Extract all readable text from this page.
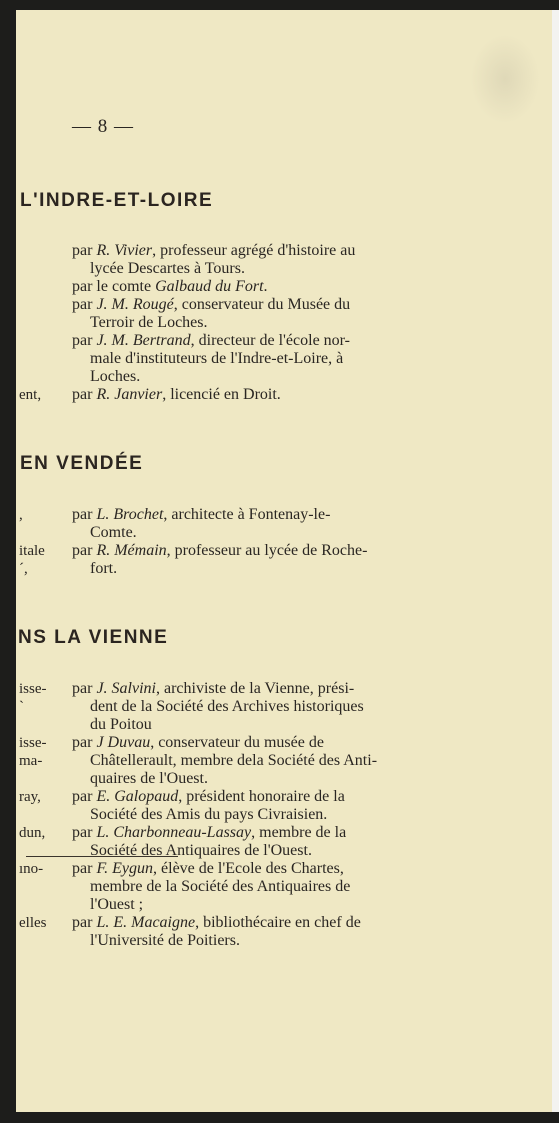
— 8 —
L'INDRE-ET-LOIRE
par R. Vivier, professeur agrégé d'histoire au
lycée Descartes à Tours.
par le comte Galbaud du Fort.
par J. M. Rougé, conservateur du Musée du
Terroir de Loches.
par J. M. Bertrand, directeur de l'école nor-
male d'instituteurs de l'Indre-et-Loire, à
Loches.
ent, par R. Janvier, licencié en Droit.
EN VENDÉE
,	par L. Brochet, architecte à Fontenay-le-
Comte.
itale
´,
par R. Mémain, professeur au lycée de Roche-
fort.
NS LA VIENNE
isse-
`
par J. Salvini, archiviste de la Vienne, prési-
dent de la Société des Archives historiques
du Poitou
isse-
ma-
par J Duvau, conservateur du musée de
Châtellerault, membre dela Société des Anti-
quaires de l'Ouest.
ray, par E. Galopaud, président honoraire de la
Société des Amis du pays Civraisien.
dun, par L. Charbonneau-Lassay, membre de la
Société des Antiquaires de l'Ouest.
ıno- par F. Eygun, élève de l'Ecole des Chartes,
membre de la Société des Antiquaires de
l'Ouest ;
elles par L. E. Macaigne, bibliothécaire en chef de
l'Université de Poitiers.
